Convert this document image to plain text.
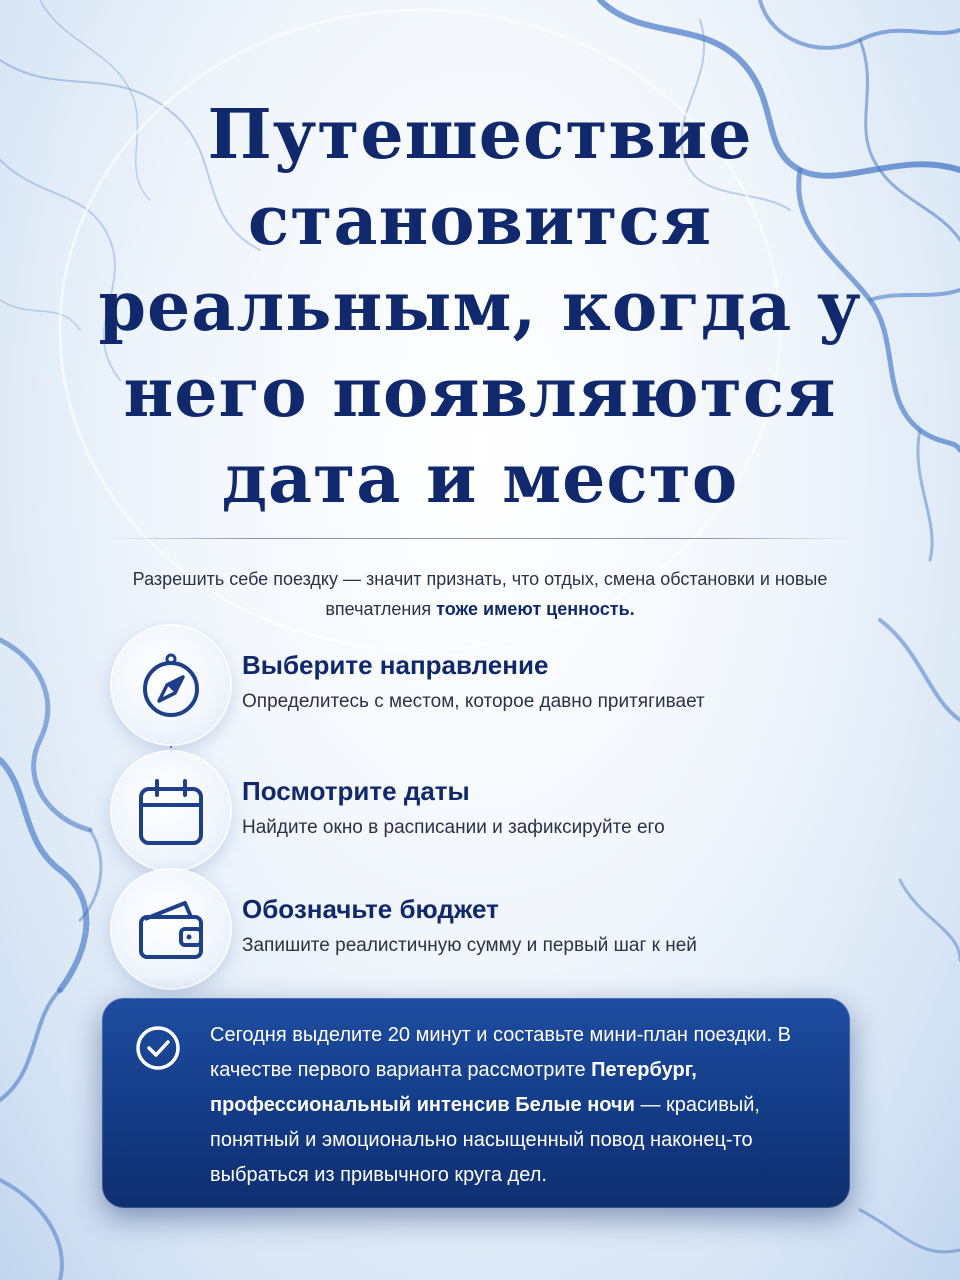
Путешествие
становится
реальным, когда у
него появляются
дата и место

Разрешить себе поездку — значит признать, что отдых, смена обстановки и новые впечатления тоже имеют ценность.

Выберите направление

Определитесь с местом, которое давно притягивает

Посмотрите даты

Найдите окно в расписании и зафиксируйте его

Обозначьте бюджет

Запишите реалистичную сумму и первый шаг к ней

Сегодня выделите 20 минут и составьте мини-план поездки. В качестве первого варианта рассмотрите Петербург, профессиональный интенсив Белые ночи — красивый, понятный и эмоционально насыщенный повод наконец-то выбраться из привычного круга дел.
